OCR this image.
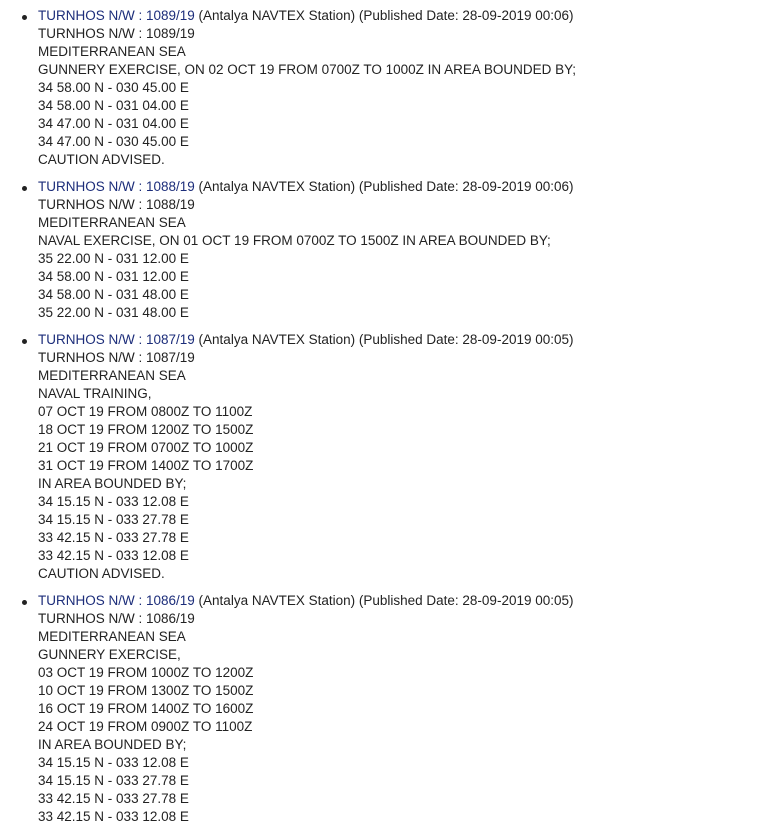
TURNHOS N/W : 1089/19 (Antalya NAVTEX Station) (Published Date: 28-09-2019 00:06)
TURNHOS N/W : 1089/19
MEDITERRANEAN SEA
GUNNERY EXERCISE, ON 02 OCT 19 FROM 0700Z TO 1000Z IN AREA BOUNDED BY;
34 58.00 N - 030 45.00 E
34 58.00 N - 031 04.00 E
34 47.00 N - 031 04.00 E
34 47.00 N - 030 45.00 E
CAUTION ADVISED.
TURNHOS N/W : 1088/19 (Antalya NAVTEX Station) (Published Date: 28-09-2019 00:06)
TURNHOS N/W : 1088/19
MEDITERRANEAN SEA
NAVAL EXERCISE, ON 01 OCT 19 FROM 0700Z TO 1500Z IN AREA BOUNDED BY;
35 22.00 N - 031 12.00 E
34 58.00 N - 031 12.00 E
34 58.00 N - 031 48.00 E
35 22.00 N - 031 48.00 E
TURNHOS N/W : 1087/19 (Antalya NAVTEX Station) (Published Date: 28-09-2019 00:05)
TURNHOS N/W : 1087/19
MEDITERRANEAN SEA
NAVAL TRAINING,
07 OCT 19 FROM 0800Z TO 1100Z
18 OCT 19 FROM 1200Z TO 1500Z
21 OCT 19 FROM 0700Z TO 1000Z
31 OCT 19 FROM 1400Z TO 1700Z
IN AREA BOUNDED BY;
34 15.15 N - 033 12.08 E
34 15.15 N - 033 27.78 E
33 42.15 N - 033 27.78 E
33 42.15 N - 033 12.08 E
CAUTION ADVISED.
TURNHOS N/W : 1086/19 (Antalya NAVTEX Station) (Published Date: 28-09-2019 00:05)
TURNHOS N/W : 1086/19
MEDITERRANEAN SEA
GUNNERY EXERCISE,
03 OCT 19 FROM 1000Z TO 1200Z
10 OCT 19 FROM 1300Z TO 1500Z
16 OCT 19 FROM 1400Z TO 1600Z
24 OCT 19 FROM 0900Z TO 1100Z
IN AREA BOUNDED BY;
34 15.15 N - 033 12.08 E
34 15.15 N - 033 27.78 E
33 42.15 N - 033 27.78 E
33 42.15 N - 033 12.08 E
